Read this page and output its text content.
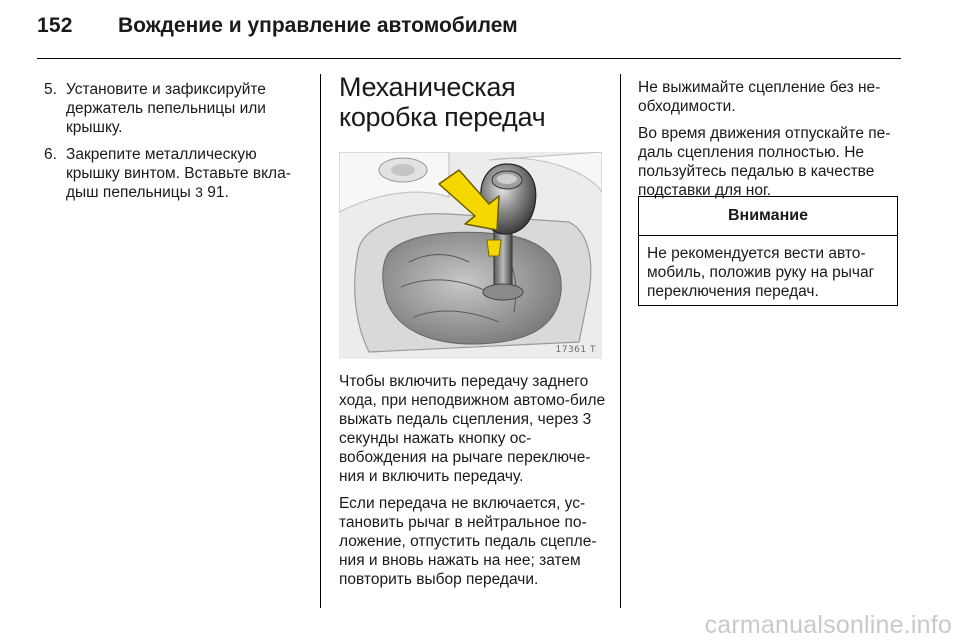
152 Вождение и управление автомобилем
5. Установите и зафиксируйте держатель пепельницы или крышку.
6. Закрепите металлическую крышку винтом. Вставьте вкла-дыш пепельницы 3 91.
Механическая
коробка передач
17361 T

Чтобы включить передачу заднего хода, при неподвижном автомо-биле выжать педаль сцепления, через 3 секунды нажать кнопку ос-вобождения на рычаге переключе-ния и включить передачу.

Если передача не включается, ус-тановить рычаг в нейтральное по-ложение, отпустить педаль сцепле-ния и вновь нажать на нее; затем повторить выбор передачи.

Не выжимайте сцепление без не-обходимости.

Во время движения отпускайте пе-даль сцепления полностью. Не пользуйтесь педалью в качестве подставки для ног.

Внимание
Не рекомендуется вести авто-мобиль, положив руку на рычаг переключения передач.
carmanualsonline.info
